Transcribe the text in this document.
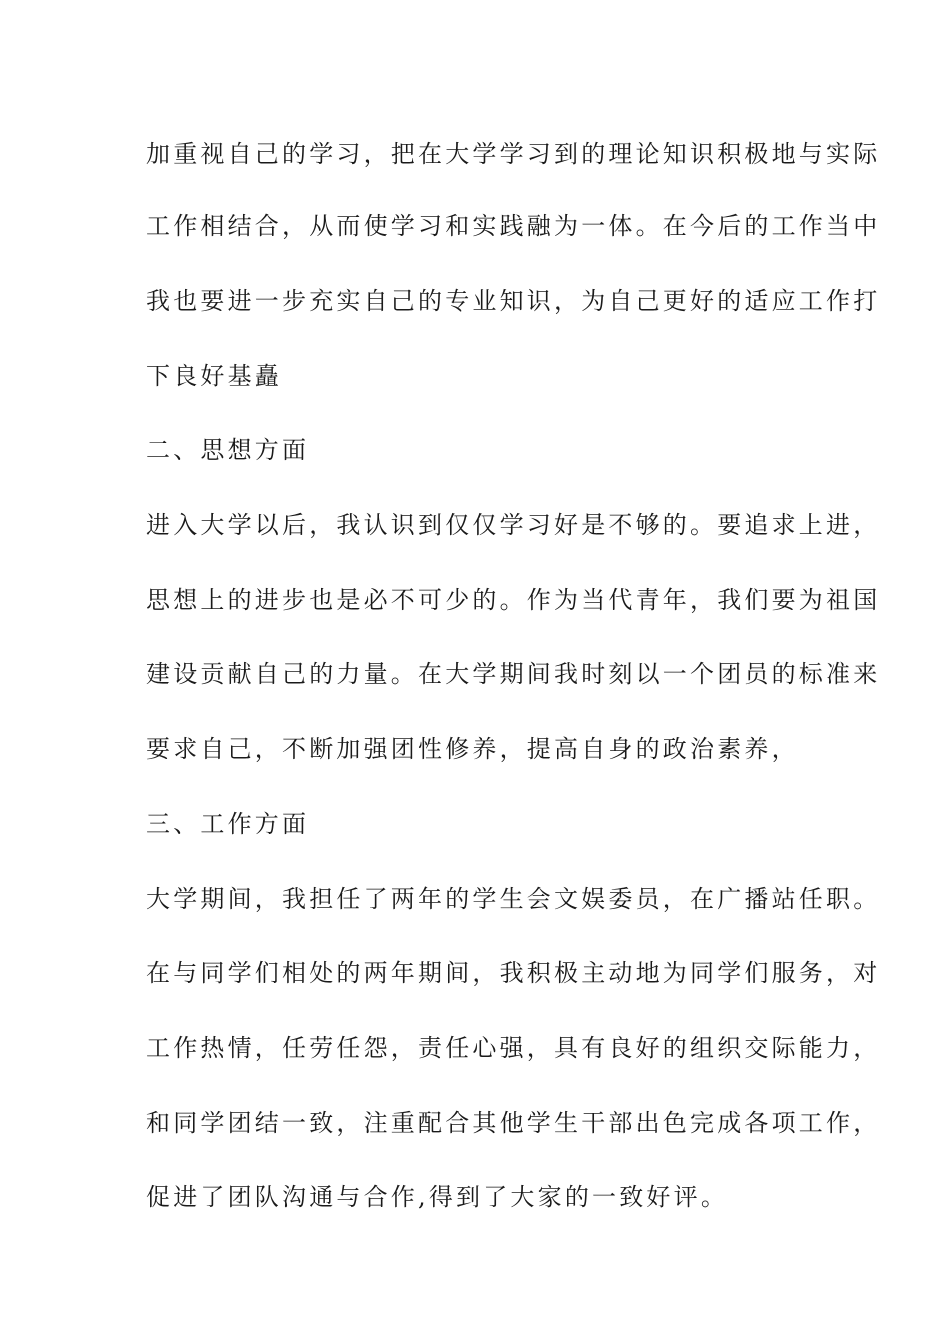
加重视自己的学习，把在大学学习到的理论知识积极地与实际
工作相结合，从而使学习和实践融为一体。在今后的工作当中
我也要进一步充实自己的专业知识，为自己更好的适应工作打
下良好基矗
二、思想方面
进入大学以后，我认识到仅仅学习好是不够的。要追求上进，
思想上的进步也是必不可少的。作为当代青年，我们要为祖国
建设贡献自己的力量。在大学期间我时刻以一个团员的标准来
要求自己，不断加强团性修养，提高自身的政治素养，
三、工作方面
大学期间，我担任了两年的学生会文娱委员，在广播站任职。
在与同学们相处的两年期间，我积极主动地为同学们服务，对
工作热情，任劳任怨，责任心强，具有良好的组织交际能力，
和同学团结一致，注重配合其他学生干部出色完成各项工作，
促进了团队沟通与合作,得到了大家的一致好评。
